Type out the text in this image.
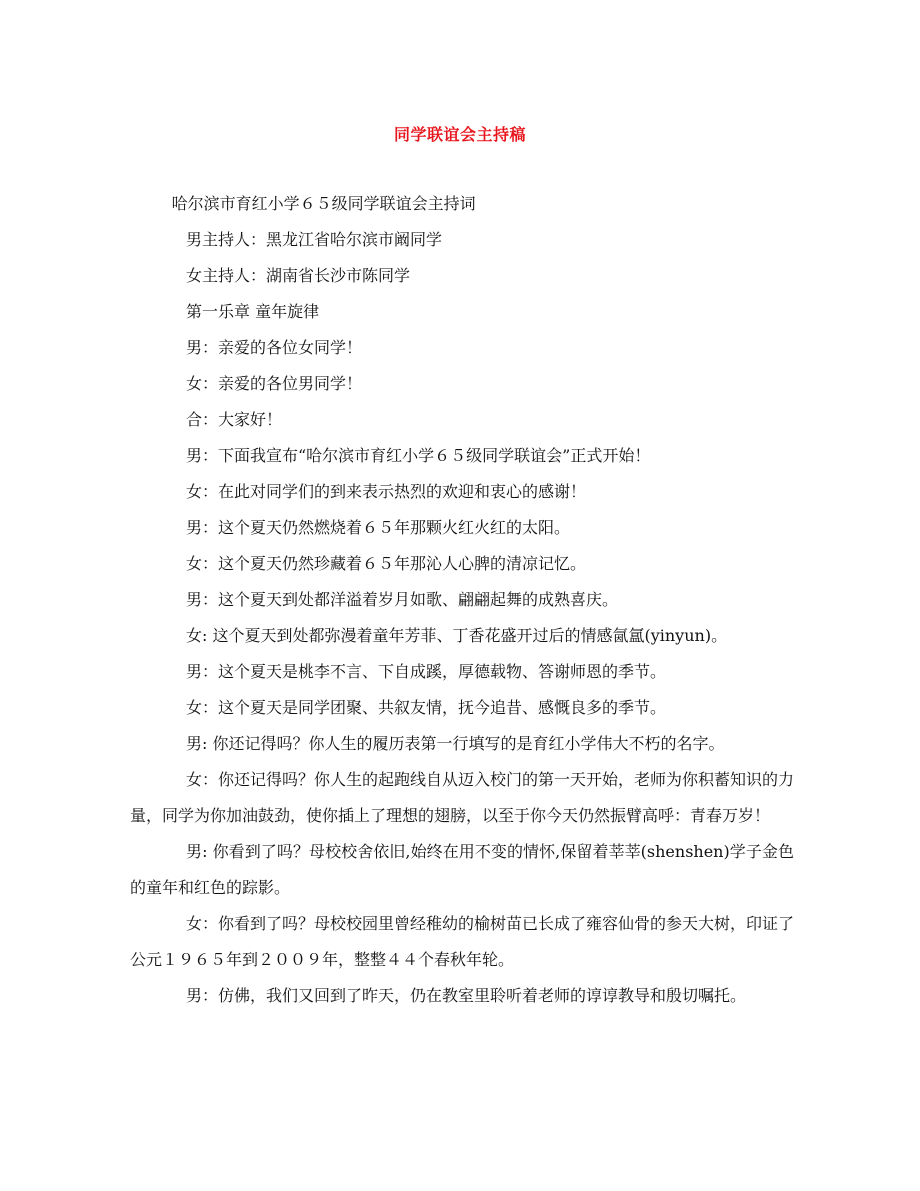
同学联谊会主持稿

哈尔滨市育红小学６５级同学联谊会主持词

男主持人：黑龙江省哈尔滨市阚同学

女主持人：湖南省长沙市陈同学

第一乐章 童年旋律

男：亲爱的各位女同学！

女：亲爱的各位男同学！

合：大家好！

男：下面我宣布“哈尔滨市育红小学６５级同学联谊会”正式开始！

女：在此对同学们的到来表示热烈的欢迎和衷心的感谢！

男：这个夏天仍然燃烧着６５年那颗火红火红的太阳。

女：这个夏天仍然珍藏着６５年那沁人心脾的清凉记忆。

男：这个夏天到处都洋溢着岁月如歌、翩翩起舞的成熟喜庆。

女: 这个夏天到处都弥漫着童年芳菲、丁香花盛开过后的情感氤氲(yinyun)。

男：这个夏天是桃李不言、下自成蹊，厚德载物、答谢师恩的季节。

女：这个夏天是同学团聚、共叙友情，抚今追昔、感慨良多的季节。

男: 你还记得吗？你人生的履历表第一行填写的是育红小学伟大不朽的名字。

女：你还记得吗？你人生的起跑线自从迈入校门的第一天开始，老师为你积蓄知识的力量，同学为你加油鼓劲，使你插上了理想的翅膀，以至于你今天仍然振臂高呼：青春万岁！

男: 你看到了吗？母校校舍依旧,始终在用不变的情怀,保留着莘莘(shenshen)学子金色的童年和红色的踪影。

女：你看到了吗？母校校园里曾经稚幼的榆树苗已长成了雍容仙骨的参天大树，印证了公元１９６５年到２００９年，整整４４个春秋年轮。

男：仿佛，我们又回到了昨天，仍在教室里聆听着老师的谆谆教导和殷切嘱托。
